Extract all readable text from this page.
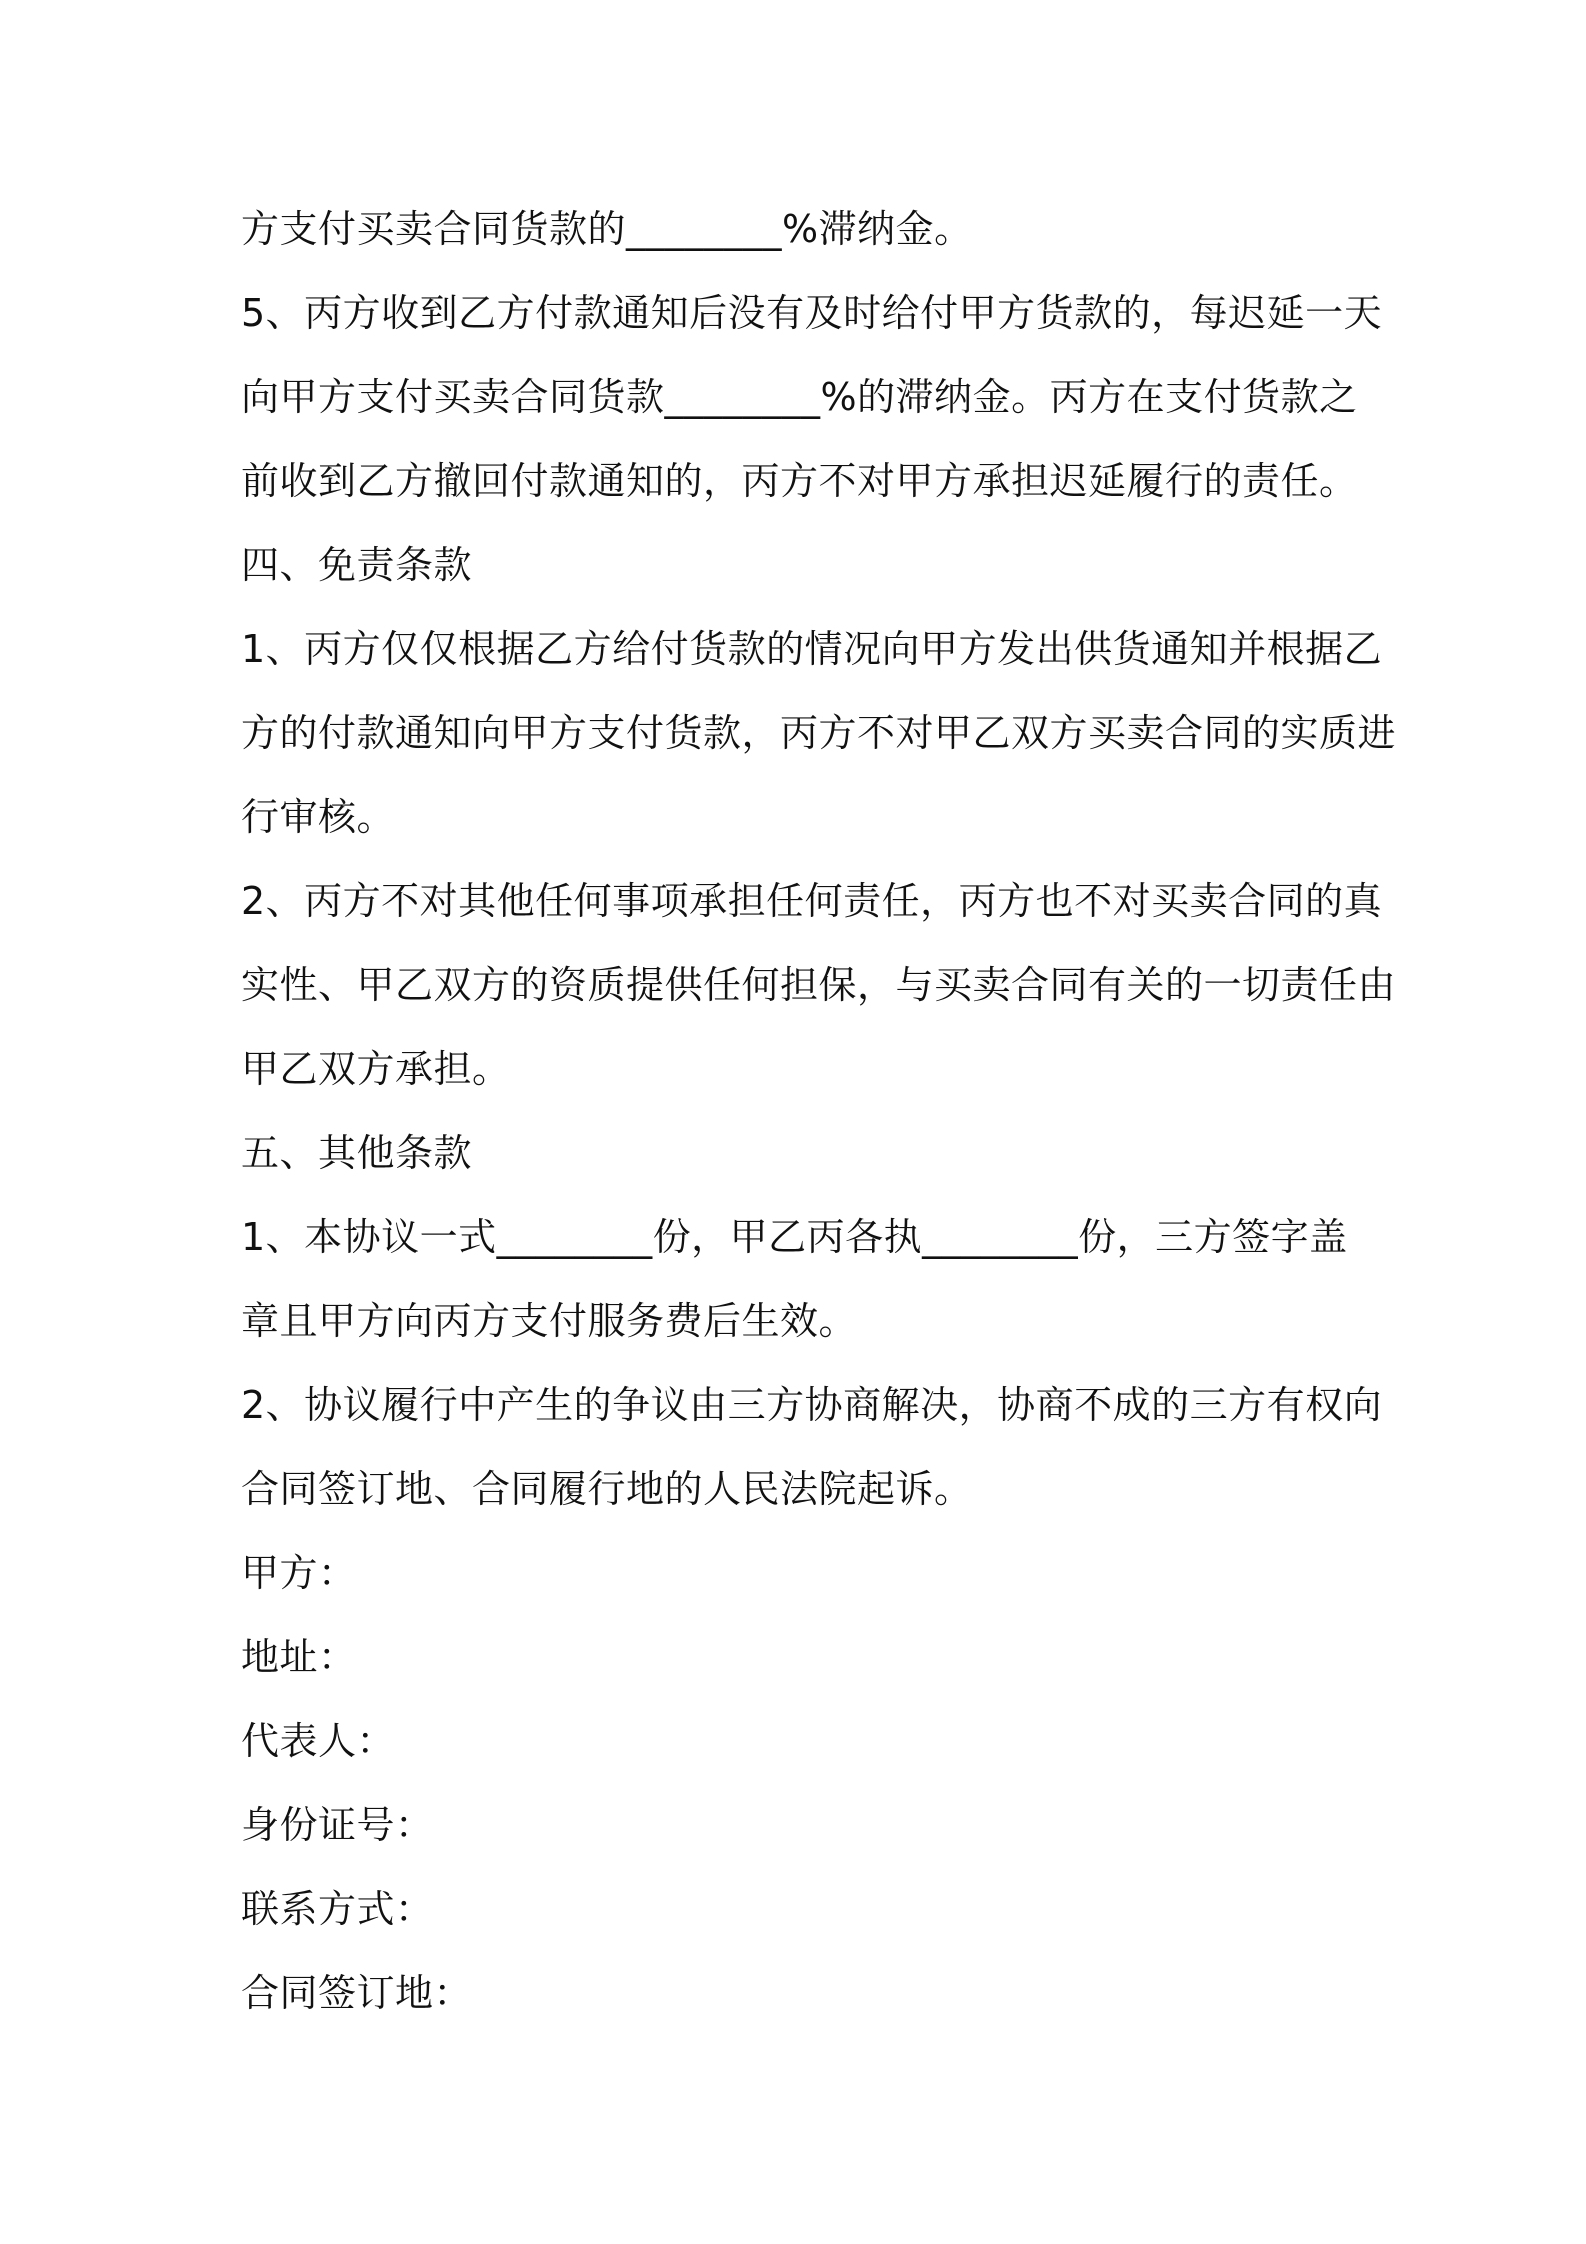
方支付买卖合同货款的________%滞纳金。
5、丙方收到乙方付款通知后没有及时给付甲方货款的，每迟延一天
向甲方支付买卖合同货款________%的滞纳金。丙方在支付货款之
前收到乙方撤回付款通知的，丙方不对甲方承担迟延履行的责任。
四、免责条款
1、丙方仅仅根据乙方给付货款的情况向甲方发出供货通知并根据乙
方的付款通知向甲方支付货款，丙方不对甲乙双方买卖合同的实质进
行审核。
2、丙方不对其他任何事项承担任何责任，丙方也不对买卖合同的真
实性、甲乙双方的资质提供任何担保，与买卖合同有关的一切责任由
甲乙双方承担。
五、其他条款
1、本协议一式________份，甲乙丙各执________份，三方签字盖
章且甲方向丙方支付服务费后生效。
2、协议履行中产生的争议由三方协商解决，协商不成的三方有权向
合同签订地、合同履行地的人民法院起诉。
甲方：
地址：
代表人：
身份证号：
联系方式：
合同签订地：
